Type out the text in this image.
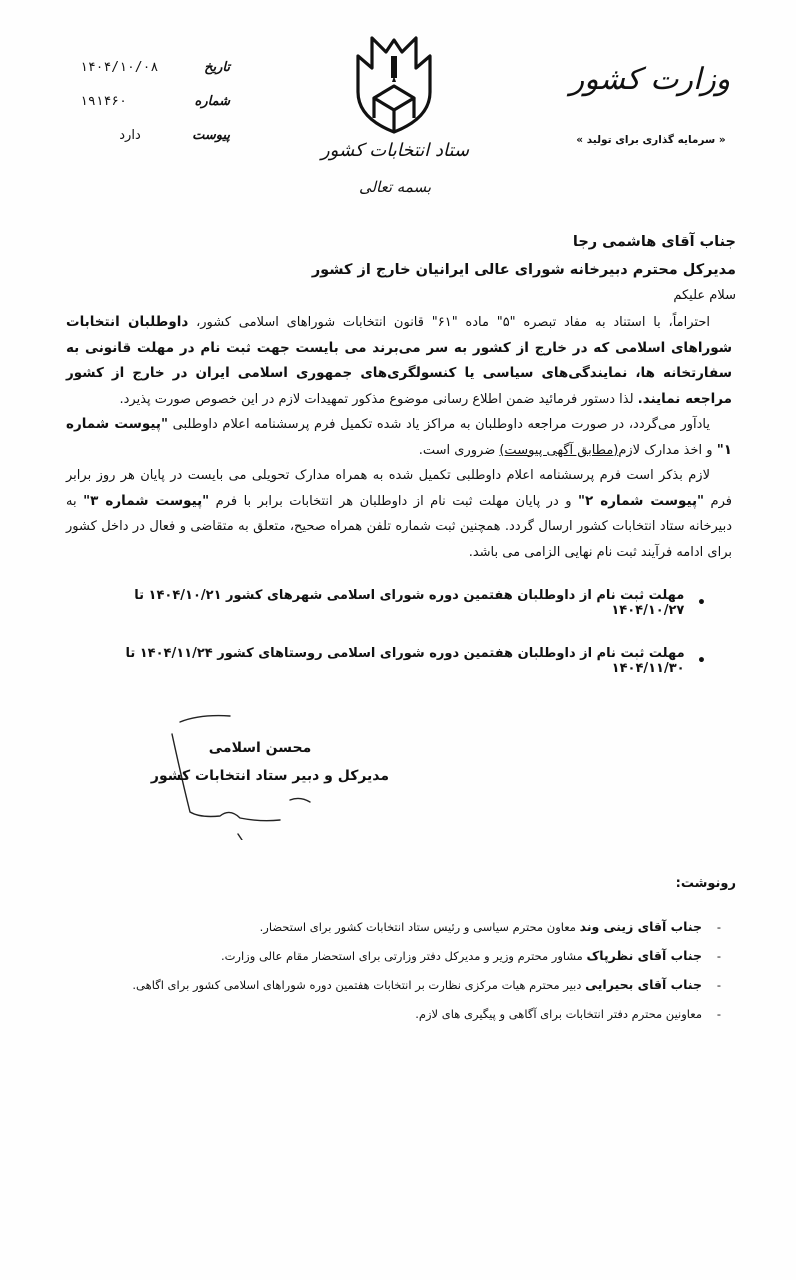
وزارت کشور
« سرمایه گذاری برای تولید »
ستاد انتخابات کشور
بسمه تعالی
تاریخ
۱۴۰۴/۱۰/۰۸
شماره
۱۹۱۴۶۰
پیوست
دارد
جناب آقای هاشمی رجا
مدیرکل محترم دبیرخانه شورای عالی ایرانیان خارج از کشور
سلام علیکم

احتراماً، با استناد به مفاد تبصره "۵" ماده "۶۱" قانون انتخابات شوراهای اسلامی کشور، داوطلبان انتخابات شوراهای اسلامی که در خارج از کشور به سر می‌برند می بایست جهت ثبت نام در مهلت قانونی به سفارتخانه ها، نمایندگی‌های سیاسی یا کنسولگری‌های جمهوری اسلامی ایران در خارج از کشور مراجعه نمایند. لذا دستور فرمائید ضمن اطلاع رسانی موضوع مذکور تمهیدات لازم در این خصوص صورت پذیرد.

یادآور می‌گردد، در صورت مراجعه داوطلبان به مراکز یاد شده تکمیل فرم پرسشنامه اعلام داوطلبی "پیوست شماره ۱" و اخذ مدارک لازم(مطابق آگهی پیوست) ضروری است.

لازم بذکر است فرم پرسشنامه اعلام داوطلبی تکمیل شده به همراه مدارک تحویلی می بایست در پایان هر روز برابر فرم "پیوست شماره ۲" و در پایان مهلت ثبت نام از داوطلبان هر انتخابات برابر با فرم "پیوست شماره ۳" به دبیرخانه ستاد انتخابات کشور ارسال گردد. همچنین ثبت شماره تلفن همراه صحیح، متعلق به متقاضی و فعال در داخل کشور برای ادامه فرآیند ثبت نام نهایی الزامی می باشد.

•
مهلت ثبت نام از داوطلبان هفتمین دوره شورای اسلامی شهرهای کشور ۱۴۰۴/۱۰/۲۱ تا ۱۴۰۴/۱۰/۲۷
•
مهلت ثبت نام از داوطلبان هفتمین دوره شورای اسلامی روستاهای کشور ۱۴۰۴/۱۱/۲۴ تا ۱۴۰۴/۱۱/۳۰
محسن اسلامی
مدیرکل و دبیر ستاد انتخابات کشور
رونوشت:
-
جناب آقای زینی وند معاون محترم سیاسی و رئیس ستاد انتخابات کشور برای استحضار.
-
جناب آقای نظرپاک مشاور محترم وزیر و مدیرکل دفتر وزارتی برای استحضار مقام عالی وزارت.
-
جناب آقای بحیرایی دبیر محترم هیات مرکزی نظارت بر انتخابات هفتمین دوره شوراهای اسلامی کشور برای اگاهی.
-
معاونین محترم دفتر انتخابات برای آگاهی و پیگیری های لازم.
